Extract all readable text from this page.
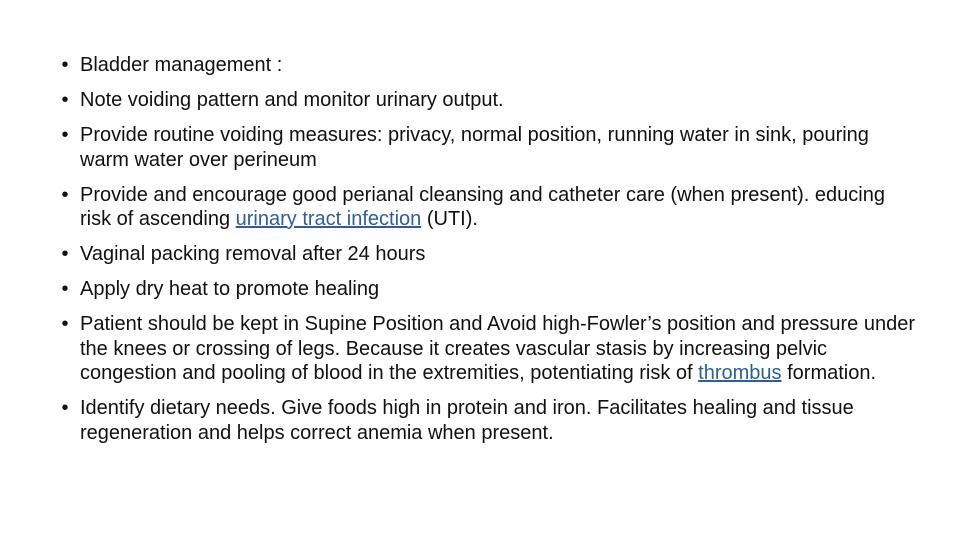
• Bladder management :
• Note voiding pattern and monitor urinary output.
• Provide routine voiding measures: privacy, normal position, running water in sink, pouring warm water over perineum
• Provide and encourage good perianal cleansing and catheter care (when present). educing risk of ascending urinary tract infection (UTI).
• Vaginal packing removal after 24 hours
• Apply dry heat to promote healing
• Patient should be kept in Supine Position and Avoid high-Fowler’s position and pressure under the knees or crossing of legs. Because it creates vascular stasis by increasing pelvic congestion and pooling of blood in the extremities, potentiating risk of thrombus formation.
• Identify dietary needs. Give foods high in protein and iron. Facilitates healing and tissue regeneration and helps correct anemia when present.
